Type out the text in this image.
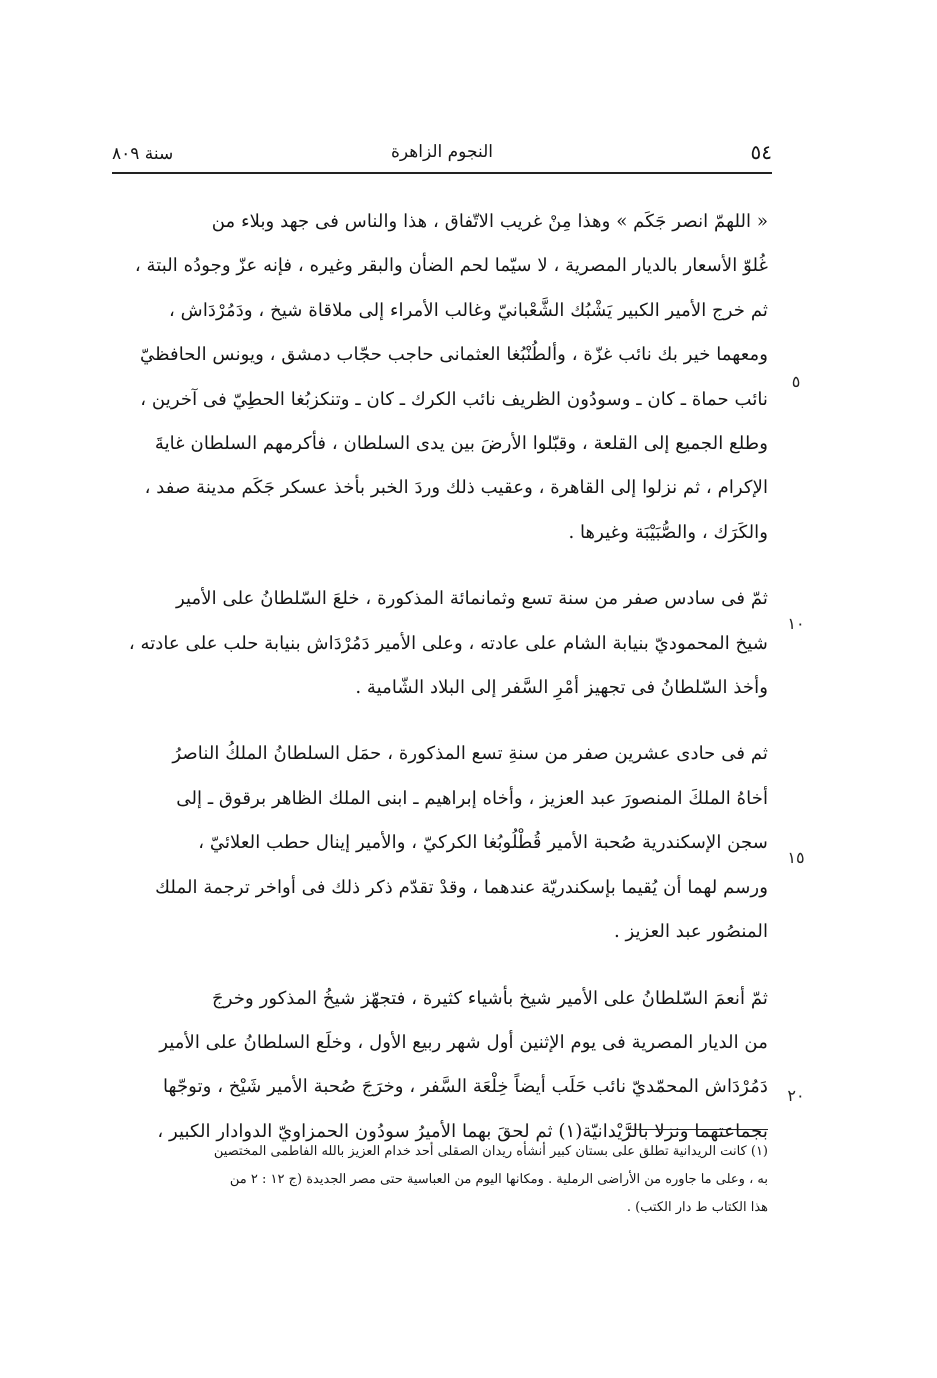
٥٤
النجوم الزاهرة
سنة ٨٠٩

« اللهمّ انصر جَكَم » وهذا مِنْ غريب الاتّفاق ، هذا والناس فى جهد وبلاء من
غُلوّ الأسعار بالديار المصرية ، لا سيّما لحم الضأن والبقر وغيره ، فإنه عزّ وجودُه البتة ،
ثم خرج الأمير الكبير يَشْبُك الشَّعْبانيّ وغالب الأمراء إلى ملاقاة شيخ ، ودَمُرْدَاش ،
ومعهما خير بك نائب غزّة ، وألطُنْبُغا العثمانى حاجب حجّاب دمشق ، ويونس الحافظيّ
نائب حماة ـ كان ـ وسودُون الظريف نائب الكرك ـ كان ـ وتنكزبُغا الحطِيّ فى آخرين ،
وطلع الجميع إلى القلعة ، وقبّلوا الأرضَ بين يدى السلطان ، فأكرمهم السلطان غايةَ
الإكرام ، ثم نزلوا إلى القاهرة ، وعقيب ذلك وردَ الخبر بأخذ عسكر جَكَم مدينة صفد ،
والكَرَك ، والصُّبَيْبَة وغيرها .

ثمّ فى سادس صفر من سنة تسع وثمانمائة المذكورة ، خلعَ السّلطانُ على الأمير
شيخ المحموديّ بنيابة الشام على عادته ، وعلى الأمير دَمُرْدَاش بنيابة حلب على عادته ،
وأخذ السّلطانُ فى تجهيز أمْرِ السَّفر إلى البلاد الشّامية .

ثم فى حادى عشرين صفر من سنةِ تسع المذكورة ، حمَل السلطانُ الملكُ الناصرُ
أخاهُ الملكَ المنصورَ عبد العزيز ، وأخاه إبراهيم ـ ابنى الملك الظاهر برقوق ـ إلى
سجن الإسكندرية صُحبة الأمير قُطْلُوبُغا الكركيّ ، والأمير إينال حطب العلائيّ ،
ورسم لهما أن يُقيما بإسكندريّة عندهما ، وقدْ تقدّم ذكر ذلك فى أواخر ترجمة الملك
المنصُور عبد العزيز .

ثمّ أنعمَ السّلطانُ على الأمير شيخ بأشياء كثيرة ، فتجهّز شيخُ المذكور وخرجَ
من الديار المصرية فى يوم الإثنين أول شهر ربيع الأول ، وخلَع السلطانُ على الأمير
دَمُرْدَاش المحمّديّ نائب حَلَب أيضاً خِلْعَة السَّفر ، وخرَجَ صُحبة الأمير شَيْخ ، وتوجّها
بجماعتهما ونزلا بالرَّيْدانيّة(١) ثم لحقَ بهما الأميرُ سودُون الحمزاويّ الدوادار الكبير ،

٥
١٠
١٥
٢٠
(١) كانت الريدانية تطلق على بستان كبير أنشأه ريدان الصقلى أحد خدام العزيز بالله الفاطمى المختصين
به ، وعلى ما جاوره من الأراضى الرملية . ومكانها اليوم من العباسية حتى مصر الجديدة (ج ١٢ : ٢ من
هذا الكتاب ط دار الكتب) .
